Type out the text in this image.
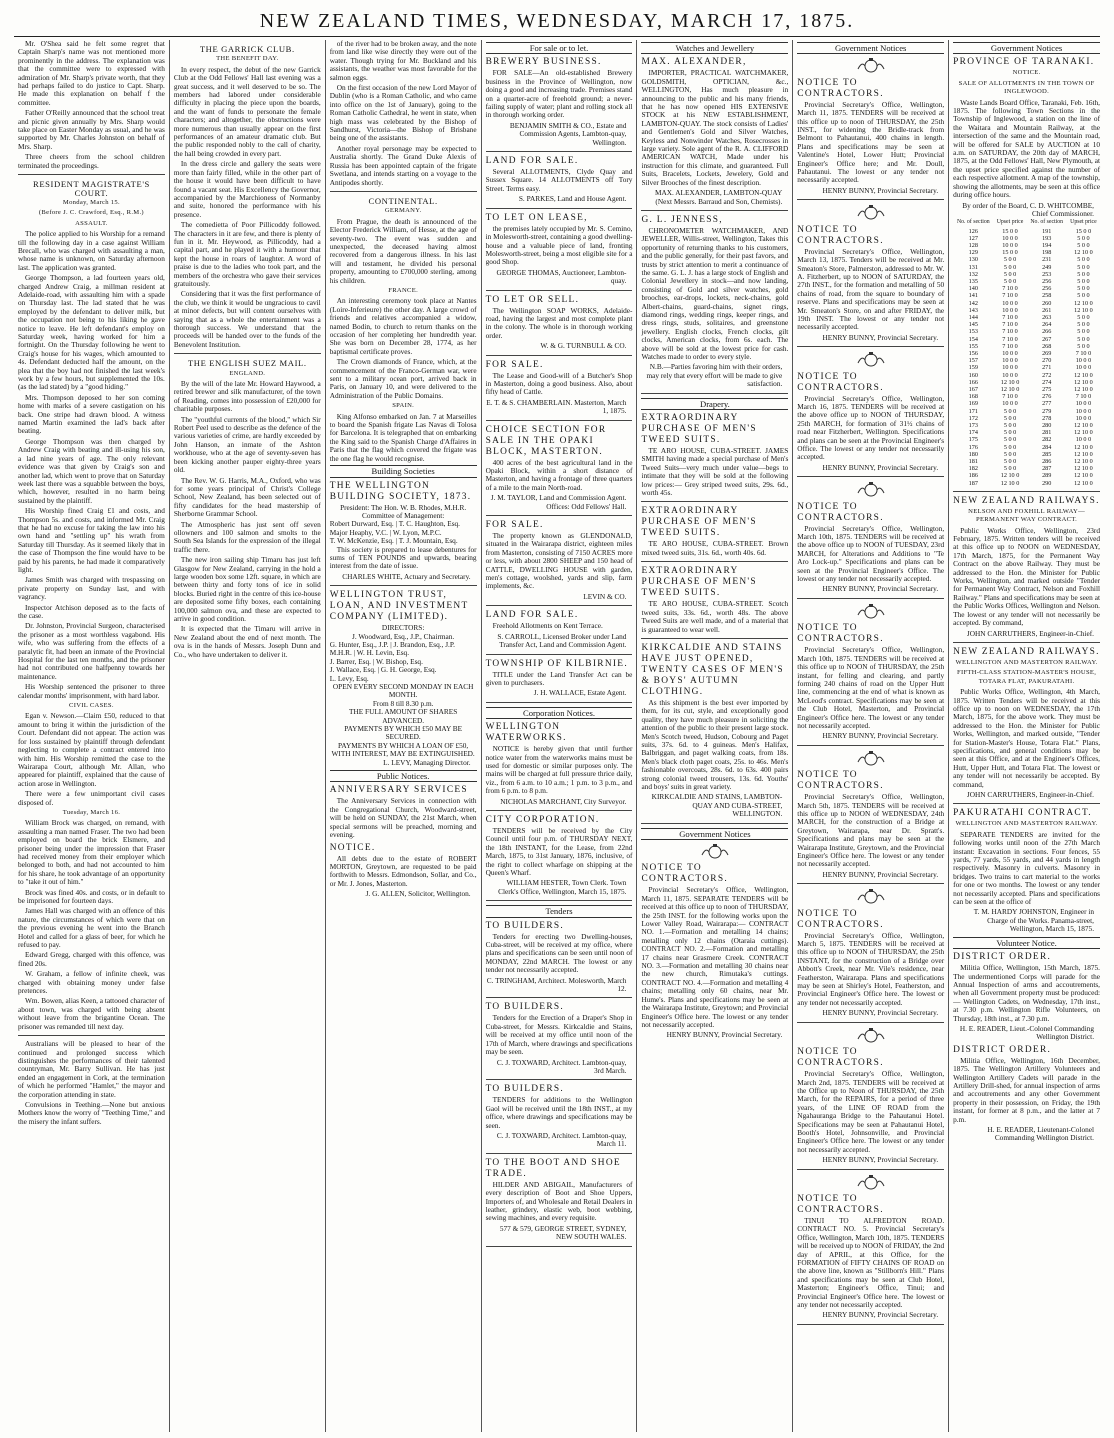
NEW ZEALAND TIMES, WEDNESDAY, MARCH 17, 1875.

Mr. O'Shea said he felt some regret that Captain Sharp's name was not mentioned more prominently in the address. The explanation was that the committee were to expressed with admiration of Mr. Sharp's private worth, that they had perhaps failed to do justice to Capt. Sharp. He made this explanation on behalf f the committee.

Father O'Reilly announced that the school treat and picnic given annually by Mrs. Sharp would take place on Easter Monday as usual, and he was supported by Mr. Charles Johnston on behalf of Mrs. Sharp.

Three cheers from the school children terminated the proceedings.

RESIDENT MAGISTRATE'S COURT.
Monday, March 15.
(Before J. C. Crawford, Esq., R.M.)
ASSAULT.

The police applied to his Worship for a remand till the following day in a case against William Brecall, who was charged with assaulting a man, whose name is unknown, on Saturday afternoon last. The application was granted.

George Thompson, a lad fourteen years old, charged Andrew Craig, a millman resident at Adelaide-road, with assaulting him with a spade on Thursday last. The lad stated that he was employed by the defendant to deliver milk, but the occupation not being to his liking he gave notice to leave. He left defendant's employ on Saturday week, having worked for him a fortnight. On the Thursday following he went to Craig's house for his wages, which amounted to 4s. Defendant deducted half the amount, on the plea that the boy had not finished the last week's work by a few hours, but supplemented the 10s. (as the lad stated) by a "good hiding."

Mrs. Thompson deposed to her son coming home with marks of a severe castigation on his back. One stripe had drawn blood. A witness named Martin examined the lad's back after beating.

George Thompson was then charged by Andrew Craig with beating and ill-using his son, a lad nine years of age. The only relevant evidence was that given by Craig's son and another lad, which went to prove that on Saturday week last there was a squabble between the boys, which, however, resulted in no harm being sustained by the plaintiff.

His Worship fined Craig £1 and costs, and Thompson 5s. and costs, and informed Mr. Craig that he had no excuse for taking the law into his own hand and "settling up" his wrath from Saturday till Thursday. As it seemed likely that in the case of Thompson the fine would have to be paid by his parents, he had made it comparatively light.

James Smith was charged with trespassing on private property on Sunday last, and with vagrancy.

Inspector Atchison deposed as to the facts of the case.

Dr. Johnston, Provincial Surgeon, characterised the prisoner as a most worthless vagabond. His wife, who was suffering from the effects of a paralytic fit, had been an inmate of the Provincial Hospital for the last ten months, and the prisoner had not contributed one halfpenny towards her maintenance.

His Worship sentenced the prisoner to three calendar months' imprisonment, with hard labor.

CIVIL CASES.

Egan v. Newson.—Claim £50, reduced to that amount to bring it within the jurisdiction of the Court. Defendant did not appear. The action was for loss sustained by plaintiff through defendant neglecting to complete a contract entered into with him. His Worship remitted the case to the Wairarapa Court, although Mr. Allan, who appeared for plaintiff, explained that the cause of action arose in Wellington.

There were a few unimportant civil cases disposed of.

Tuesday, March 16.

William Brock was charged, on remand, with assaulting a man named Fraser. The two had been employed on board the brick Elsmere, and prisoner being under the impression that Fraser had received money from their employer which belonged to both, and had not accounted to him for his share, he took advantage of an opportunity to "take it out of him."

Brock was fined 40s. and costs, or in default to be imprisoned for fourteen days.

James Hall was charged with an offence of this nature, the circumstances of which were that on the previous evening he went into the Branch Hotel and called for a glass of beer, for which he refused to pay.

Edward Gregg, charged with this offence, was fined 20s.

W. Graham, a fellow of infinite cheek, was charged with obtaining money under false pretences.

Wm. Bowen, alias Keen, a tattooed character of about town, was charged with being absent without leave from the brigantine Ocean. The prisoner was remanded till next day.

Australians will be pleased to hear of the continued and prolonged success which distinguishes the performances of their talented countryman, Mr. Barry Sullivan. He has just ended an engagement in Cork, at the termination of which he performed "Hamlet," the mayor and the corporation attending in state.

Convulsions in Teething.—None but anxious Mothers know the worry of "Teething Time," and the misery the infant suffers.

THE GARRICK CLUB.
THE BENEFIT DAY.

In every respect, the debut of the new Garrick Club at the Odd Fellows' Hall last evening was a great success, and it well deserved to be so. The members had labored under considerable difficulty in placing the piece upon the boards, and the want of funds to personate the female characters; and altogether, the obstructions were more numerous than usually appear on the first performances of an amateur dramatic club. But the public responded nobly to the call of charity, the hall being crowded in every part.

In the dress circle and gallery the seats were more than fairly filled, while in the other part of the house it would have been difficult to have found a vacant seat. His Excellency the Governor, accompanied by the Marchioness of Normanby and suite, honored the performance with his presence.

The comedietta of Poor Pillicoddy followed. The characters in it are few, and there is plenty of fun in it. Mr. Heywood, as Pillicoddy, had a capital part, and he played it with a humour that kept the house in roars of laughter. A word of praise is due to the ladies who took part, and the members of the orchestra who gave their services gratuitously.

Considering that it was the first performance of the club, we think it would be ungracious to cavil at minor defects, but will content ourselves with saying that as a whole the entertainment was a thorough success. We understand that the proceeds will be handed over to the funds of the Benevolent Institution.

THE ENGLISH SUEZ MAIL.
ENGLAND.

By the will of the late Mr. Howard Haywood, a retired brewer and silk manufacturer, of the town of Reading, comes into possession of £20,000 for charitable purposes.

The "youthful currents of the blood," which Sir Robert Peel used to describe as the defence of the various varieties of crime, are hardly exceeded by John Hanson, an inmate of the Ashton workhouse, who at the age of seventy-seven has been kicking another pauper eighty-three years old.

The Rev. W. G. Harris, M.A., Oxford, who was for some years principal of Christ's College School, New Zealand, has been selected out of fifty candidates for the head mastership of Sherborne Grammar School.

The Atmospheric has just sent off seven ollowners and 100 salmon and smolts to the South Sea Islands for the expression of the illegal traffic there.

The new iron sailing ship Timaru has just left Glasgow for New Zealand, carrying in the hold a large wooden box some 12ft. square, in which are between thirty and forty tons of ice in solid blocks. Buried right in the centre of this ice-house are deposited some fifty boxes, each containing 100,000 salmon ova, and these are expected to arrive in good condition.

It is expected that the Timaru will arrive in New Zealand about the end of next month. The ova is in the hands of Messrs. Joseph Dunn and Co., who have undertaken to deliver it.

of the river had to be broken away, and the note from land like wise directly they were out of the water. Though trying for Mr. Buckland and his assistants, the weather was most favorable for the salmon eggs.

On the first occasion of the new Lord Mayor of Dublin (who is a Roman Catholic, and who came into office on the 1st of January), going to the Roman Catholic Cathedral, he went in state, when high mass was celebrated by the Bishop of Sandhurst, Victoria—the Bishop of Brisbane being one of the assistants.

Another royal personage may be expected to Australia shortly. The Grand Duke Alexis of Russia has been appointed captain of the frigate Swetlana, and intends starting on a voyage to the Antipodes shortly.

CONTINENTAL.
GERMANY.

From Prague, the death is announced of the Elector Frederick William, of Hesse, at the age of seventy-two. The event was sudden and unexpected, the deceased having almost recovered from a dangerous illness. In his last will and testament, he divided his personal property, amounting to £700,000 sterling, among his children.

FRANCE.

An interesting ceremony took place at Nantes (Loire-Inferieure) the other day. A large crowd of friends and relatives accompanied a widow, named Bodin, to church to return thanks on the occasion of her completing her hundredth year. She was born on December 28, 1774, as her baptismal certificate proves.

The Crown diamonds of France, which, at the commencement of the Franco-German war, were sent to a military ocean port, arrived back in Paris, on January 10, and were delivered to the Administration of the Public Domains.

SPAIN.

King Alfonso embarked on Jan. 7 at Marseilles to board the Spanish frigate Las Navas di Tolosa for Barcelona. It is telegraphed that on embarking the King said to the Spanish Charge d'Affaires in Paris that the flag which covered the frigate was the one flag he would recognise.

Building Societies
THE WELLINGTON BUILDING SOCIETY, 1873.
President: The Hon. W. B. Rhodes, M.H.R.
Committee of Management:
Robert Durward, Esq. | T. C. Haughton, Esq.
Major Heaphy, V.C. | W. Lyon, M.P.C.
T. W. McKenzie, Esq. | T. J. Mountain, Esq.

This society is prepared to lease debentures for sums of TEN POUNDS and upwards, bearing interest from the date of issue.

CHARLES WHITE, Actuary and Secretary.
WELLINGTON TRUST, LOAN, AND INVESTMENT COMPANY (LIMITED).
DIRECTORS:
J. Woodward, Esq., J.P., Chairman.
G. Hunter, Esq., J.P. | J. Brandon, Esq., J.P.
M.H.R. | W. H. Levin, Esq.
J. Barrer, Esq. | W. Bishop, Esq.
J. Wallace, Esq. | G. H. George, Esq.
L. Levy, Esq.
OPEN EVERY SECOND MONDAY IN EACH MONTH.
From 8 till 8.30 p.m.
THE FULL AMOUNT OF SHARES ADVANCED.
PAYMENTS BY WHICH £50 MAY BE SECURED.
PAYMENTS BY WHICH A LOAN OF £50, WITH INTEREST, MAY BE EXTINGUISHED.
L. LEVY, Managing Director.
Public Notices.
ANNIVERSARY SERVICES

The Anniversary Services in connection with the Congregational Church, Woodward-street, will be held on SUNDAY, the 21st March, when special sermons will be preached, morning and evening.

NOTICE.

All debts due to the estate of ROBERT MORTON, Greytown, are requested to be paid forthwith to Messrs. Edmondson, Sollar, and Co., or Mr. J. Jones, Masterton.

J. G. ALLEN, Solicitor, Wellington.
For sale or to let.
BREWERY BUSINESS.

FOR SALE—An old-established Brewery business in the Province of Wellington, now doing a good and increasing trade. Premises stand on a quarter-acre of freehold ground; a never-failing supply of water; plant and rolling stock all in thorough working order.

BENJAMIN SMITH & CO., Estate and Commission Agents, Lambton-quay, Wellington.
LAND FOR SALE.

Several ALLOTMENTS, Clyde Quay and Sussex Square. 14 ALLOTMENTS off Tory Street. Terms easy.

S. PARKES, Land and House Agent.
TO LET ON LEASE,

the premises lately occupied by Mr. S. Cemino, in Molesworth-street, containing a good dwelling-house and a valuable piece of land, fronting Molesworth-street, being a most eligible site for a good Shop.

GEORGE THOMAS, Auctioneer, Lambton-quay.
TO LET OR SELL.

The Wellington SOAP WORKS, Adelaide-road, having the largest and most complete plant in the colony. The whole is in thorough working order.

W. & G. TURNBULL & CO.
FOR SALE.

The Lease and Good-will of a Butcher's Shop in Masterton, doing a good business. Also, about fifty head of Cattle.

E. T. & S. CHAMBERLAIN. Masterton, March 1, 1875.
CHOICE SECTION FOR SALE IN THE OPAKI BLOCK, MASTERTON.

400 acres of the best agricultural land in the Opaki Block, within a short distance of Masterton, and having a frontage of three quarters of a mile to the main North-road.

J. M. TAYLOR, Land and Commission Agent. Offices: Odd Fellows' Hall.
FOR SALE.

The property known as GLENDONALD, situated in the Wairarapa district, eighteen miles from Masterton, consisting of 7150 ACRES more or less, with about 2800 SHEEP and 150 head of CATTLE, DWELLING HOUSE with garden, men's cottage, woolshed, yards and slip, farm implements, &c.

LEVIN & CO.
LAND FOR SALE.

Freehold Allotments on Kent Terrace.

S. CARROLL, Licensed Broker under Land Transfer Act, Land and Commission Agent.
TOWNSHIP OF KILBIRNIE.

TITLE under the Land Transfer Act can be given to purchasers.

J. H. WALLACE, Estate Agent.
Corporation Notices.
WELLINGTON WATERWORKS.

NOTICE is hereby given that until further notice water from the waterworks mains must be used for domestic or similar purposes only. The mains will be charged at full pressure thrice daily, viz., from 6 a.m. to 10 a.m.; 1 p.m. to 3 p.m., and from 6 p.m. to 8 p.m.

NICHOLAS MARCHANT, City Surveyor.
CITY CORPORATION.

TENDERS will be received by the City Council until four p.m. of THURSDAY NEXT, the 18th INSTANT, for the Lease, from 22nd March, 1875, to 31st January, 1876, inclusive, of the right to collect wharfage on shipping at the Queen's Wharf.

WILLIAM HESTER, Town Clerk. Town Clerk's Office, Wellington, March 15, 1875.
Tenders
TO BUILDERS.

Tenders for erecting two Dwelling-houses, Cuba-street, will be received at my office, where plans and specifications can be seen until noon of MONDAY, 22nd MARCH. The lowest or any tender not necessarily accepted.

C. TRINGHAM, Architect. Molesworth, March 12.
TO BUILDERS.

Tenders for the Erection of a Draper's Shop in Cuba-street, for Messrs. Kirkcaldie and Stains, will be received at my office until noon of the 17th of March, where drawings and specifications may be seen.

C. J. TOXWARD, Architect. Lambton-quay, 3rd March.
TO BUILDERS.

TENDERS for additions to the Wellington Gaol will be received until the 18th INST., at my office, where drawings and specifications may be seen.

C. J. TOXWARD, Architect. Lambton-quay, March 11.
TO THE BOOT AND SHOE TRADE.

HILDER AND ABIGAIL, Manufacturers of every description of Boot and Shoe Uppers, Importers of, and Wholesale and Retail Dealers in leather, grindery, elastic web, boot webbing, sewing machines, and every requisite.

577 & 579, GEORGE STREET, SYDNEY, NEW SOUTH WALES.
Watches and Jewellery
MAX. ALEXANDER,

IMPORTER, PRACTICAL WATCHMAKER, GOLDSMITH, OPTICIAN, &c., WELLINGTON, Has much pleasure in announcing to the public and his many friends, that he has now opened HIS EXTENSIVE STOCK at his NEW ESTABLISHMENT, LAMBTON-QUAY. The stock consists of Ladies' and Gentlemen's Gold and Silver Watches, Keyless and Nonwinder Watches, Rosecrosses in large variety. Sole agent of the R. A. CLIFFORD AMERICAN WATCH, Made under his instruction for this climate, and guaranteed. Full Suits, Bracelets, Lockets, Jewelery, Gold and Silver Brooches of the finest description.

MAX. ALEXANDER, LAMBTON-QUAY (Next Messrs. Barraud and Son, Chemists).
G. L. JENNESS,

CHRONOMETER WATCHMAKER, AND JEWELLER, Willis-street, Wellington, Takes this opportunity of returning thanks to his customers, and the public generally, for their past favors, and trusts by strict attention to merit a continuance of the same. G. L. J. has a large stock of English and Colonial Jewellery in stock—and now landing, consisting of Gold and silver watches, gold brooches, ear-drops, lockets, neck-chains, gold Albert-chains, guard-chains, signet rings, diamond rings, wedding rings, keeper rings, and dress rings, studs, solitaires, and greenstone jewellery. English clocks, French clocks, gilt clocks, American clocks, from 6s. each. The above will be sold at the lowest price for cash. Watches made to order to every style.

N.B.—Parties favoring him with their orders, may rely that every effort will be made to give satisfaction.
Drapery.
EXTRAORDINARY PURCHASE OF MEN'S TWEED SUITS.

TE ARO HOUSE, CUBA-STREET. JAMES SMITH having made a special purchase of Men's Tweed Suits—very much under value—begs to intimate that they will be sold at the following low prices:— Grey striped tweed suits, 29s. 6d., worth 45s.

EXTRAORDINARY PURCHASE OF MEN'S TWEED SUITS.

TE ARO HOUSE, CUBA-STREET. Brown mixed tweed suits, 31s. 6d., worth 40s. 6d.

EXTRAORDINARY PURCHASE OF MEN'S TWEED SUITS.

TE ARO HOUSE, CUBA-STREET. Scotch tweed suits, 33s. 6d., worth 48s. The above Tweed Suits are well made, and of a material that is guaranteed to wear well.

KIRKCALDIE AND STAINS HAVE JUST OPENED, TWENTY CASES OF MEN'S & BOYS' AUTUMN CLOTHING.

As this shipment is the best ever imported by them, for its cut, style, and exceptionally good quality, they have much pleasure in soliciting the attention of the public to their present large stock. Men's Scotch tweed, Hudson, Cobourg and Paget suits, 37s. 6d. to 4 guineas. Men's Halifax, Balbriggan, and paget walking coats, from 18s. Men's black cloth paget coats, 25s. to 46s. Men's fashionable overcoats, 28s. 6d. to 63s. 400 pairs strong colonial tweed trousers, 13s. 6d. Youths' and boys' suits in great variety.

KIRKCALDIE AND STAINS, LAMBTON-QUAY AND CUBA-STREET, WELLINGTON.
Government Notices
NOTICE TO CONTRACTORS.

Provincial Secretary's Office, Wellington, March 11, 1875. SEPARATE TENDERS will be received at this office up to noon of THURSDAY, the 25th INST. for the following works upon the Lower Valley Road, Wairarapa:— CONTRACT NO. 1.—Formation and metalling 14 chains; metalling only 12 chains (Otaraia cuttings). CONTRACT NO. 2.—Formation and metalling 17 chains near Grasmere Creek. CONTRACT NO. 3.—Formation and metalling 30 chains near the new church, Rimutaka's cuttings. CONTRACT NO. 4.—Formation and metalling 4 chains; metalling only 60 chains, near Mr. Hume's. Plans and specifications may be seen at the Wairarapa Institute, Greytown; and Provincial Engineer's Office here. The lowest or any tender not necessarily accepted.

HENRY BUNNY, Provincial Secretary.
Government Notices
NOTICE TO CONTRACTORS.

Provincial Secretary's Office, Wellington, March 11, 1875. TENDERS will be received at this office up to noon of THURSDAY, the 25th INST., for widening the Bridle-track from Belmont to Pahautanui, 400 chains in length. Plans and specifications may be seen at Valentine's Hotel, Lower Hutt; Provincial Engineer's Office here; and Mr. Doull, Pahautanui. The lowest or any tender not necessarily accepted.

HENRY BUNNY, Provincial Secretary.
NOTICE TO CONTRACTORS.

Provincial Secretary's Office, Wellington, March 13, 1875. Tenders will be received at Mr. Smeaton's Store, Palmerston, addressed to Mr. W. A. Fitzherbert, up to NOON of SATURDAY, the 27th INST., for the formation and metalling of 50 chains of road, from the square to boundary of reserve. Plans and specifications may be seen at Mr. Smeaton's Store, on and after FRIDAY, the 19th INST. The lowest or any tender not necessarily accepted.

HENRY BUNNY, Provincial Secretary.
NOTICE TO CONTRACTORS.

Provincial Secretary's Office, Wellington, March 16, 1875. TENDERS will be received at the above office up to NOON of THURSDAY, 25th MARCH, for formation of 31½ chains of road near Fitzherbert, Wellington. Specifications and plans can be seen at the Provincial Engineer's Office. The lowest or any tender not necessarily accepted.

HENRY BUNNY, Provincial Secretary.
NOTICE TO CONTRACTORS.

Provincial Secretary's Office, Wellington, March 10th, 1875. TENDERS will be received at the above office up to NOON of TUESDAY, 23rd MARCH, for Alterations and Additions to "Te Aro Lock-up." Specifications and plans can be seen at the Provincial Engineer's Office. The lowest or any tender not necessarily accepted.

HENRY BUNNY, Provincial Secretary.
NOTICE TO CONTRACTORS.

Provincial Secretary's Office, Wellington, March 10th, 1875. TENDERS will be received at this office up to NOON of THURSDAY, the 25th instant, for felling and clearing, and partly forming 240 chains of road on the Upper Hutt line, commencing at the end of what is known as McLeod's contract. Specifications may be seen at the Club Hotel, Masterton, and Provincial Engineer's Office here. The lowest or any tender not necessarily accepted.

HENRY BUNNY, Provincial Secretary.
NOTICE TO CONTRACTORS.

Provincial Secretary's Office, Wellington, March 5th, 1875. TENDERS will be received at this office up to NOON of WEDNESDAY, 24th MARCH, for the construction of a Bridge at Greytown, Wairarapa, near Dr. Spratt's. Specifications and plans may be seen at the Wairarapa Institute, Greytown, and the Provincial Engineer's Office here. The lowest or any tender not necessarily accepted.

HENRY BUNNY, Provincial Secretary.
NOTICE TO CONTRACTORS.

Provincial Secretary's Office, Wellington, March 5, 1875. TENDERS will be received at this office up to NOON of THURSDAY, the 25th INSTANT, for the construction of a Bridge over Abbott's Creek, near Mr. Vile's residence, near Featherston, Wairarapa. Plans and specifications may be seen at Shirley's Hotel, Featherston, and Provincial Engineer's Office here. The lowest or any tender not necessarily accepted.

HENRY BUNNY, Provincial Secretary.
NOTICE TO CONTRACTORS.

Provincial Secretary's Office, Wellington, March 2nd, 1875. TENDERS will be received at the Office up to Noon of THURSDAY, the 25th March, for the REPAIRS, for a period of three years, of the LINE OF ROAD from the Ngahauranga Bridge to the Pahautanui Hotel. Specifications may be seen at Pahautanui Hotel, Booth's Hotel, Johnsonville, and Provincial Engineer's Office here. The lowest or any tender not necessarily accepted.

HENRY BUNNY, Provincial Secretary.
NOTICE TO CONTRACTORS.

TINUI TO ALFREDTON ROAD. CONTRACT NO. 5. Provincial Secretary's Office, Wellington, March 10th, 1875. TENDERS will be received up to NOON of FRIDAY, the 2nd day of APRIL, at this Office, for the FORMATION of FIFTY CHAINS OF ROAD on the above line, known as "Stillborn's Hill." Plans and specifications may be seen at Club Hotel, Masterton; Engineer's Office, Tinui; and Provincial Engineer's Office here. The lowest or any tender not necessarily accepted.

HENRY BUNNY, Provincial Secretary.
Government Notices
PROVINCE OF TARANAKI.
NOTICE.
SALE OF ALLOTMENTS IN THE TOWN OF INGLEWOOD.

Waste Lands Board Office, Taranaki, Feb. 16th, 1875. The following Town Sections in the Township of Inglewood, a station on the line of the Waitara and Mountain Railway, at the intersection of the same and the Mountain road, will be offered for SALE by AUCTION at 10 a.m. on SATURDAY, the 20th day of MARCH, 1875, at the Odd Fellows' Hall, New Plymouth, at the upset price specified against the number of each respective allotment. A map of the township, showing the allotments, may be seen at this office during office hours.

By order of the Board, C. D. WHITCOMBE, Chief Commissioner.
No. of section	Upset price	No. of section	Upset price
126	15 0 0	191	15 0 0
127	10 0 0	193	5 0 0
128	10 0 0	194	5 0 0
129	15 0 0	198	12 10 0
130	5 0 0	231	5 0 0
131	5 0 0	249	5 0 0
132	5 0 0	253	5 0 0
135	5 0 0	256	5 0 0
140	7 10 0	256	5 0 0
141	7 10 0	258	5 0 0
142	10 0 0	260	12 10 0
143	10 0 0	261	12 10 0
144	7 10 0	263	5 0 0
145	7 10 0	264	5 0 0
153	7 10 0	266	5 0 0
154	7 10 0	267	5 0 0
155	7 10 0	268	5 0 0
156	10 0 0	269	7 10 0
157	10 0 0	270	10 0 0
159	10 0 0	271	10 0 0
160	10 0 0	272	12 10 0
166	12 10 0	274	12 10 0
167	12 10 0	275	12 10 0
168	7 10 0	276	7 10 0
169	10 0 0	277	10 0 0
171	5 0 0	279	10 0 0
172	5 0 0	278	10 0 0
173	5 0 0	280	12 10 0
174	5 0 0	281	12 10 0
175	5 0 0	282	10 0 0
176	5 0 0	284	12 10 0
180	5 0 0	285	12 10 0
181	5 0 0	286	12 10 0
182	5 0 0	287	12 10 0
186	12 10 0	289	12 10 0
187	12 10 0	290	12 10 0
NEW ZEALAND RAILWAYS.
NELSON AND FOXHILL RAILWAY—PERMANENT WAY CONTRACT.

Public Works Office, Wellington, 23rd February, 1875. Written tenders will be received at this office up to NOON on WEDNESDAY, 17th March, 1875, for the Permanent Way Contract on the above Railway. They must be addressed to the Hon. the Minister for Public Works, Wellington, and marked outside "Tender for Permanent Way Contract, Nelson and Foxhill Railway." Plans and specifications may be seen at the Public Works Offices, Wellington and Nelson. The lowest or any tender will not necessarily be accepted. By command,

JOHN CARRUTHERS, Engineer-in-Chief.
NEW ZEALAND RAILWAYS.
WELLINGTON AND MASTERTON RAILWAY.
FIFTH-CLASS STATION-MASTER'S HOUSE, TOTARA FLAT, PAKURATAHI.

Public Works Office, Wellington, 4th March, 1875. Written Tenders will be received at this office up to noon on WEDNESDAY, the 17th March, 1875, for the above work. They must be addressed to the Hon. the Minister for Public Works, Wellington, and marked outside, "Tender for Station-Master's House, Totara Flat." Plans, specifications, and general conditions may be seen at this Office, and at the Engineer's Offices, Hutt, Upper Hutt, and Totara Flat. The lowest or any tender will not necessarily be accepted. By command,

JOHN CARRUTHERS, Engineer-in-Chief.
PAKURATAHI CONTRACT.
WELLINGTON AND MASTERTON RAILWAY.

SEPARATE TENDERS are invited for the following works until noon of the 27th March instant: Excavation in sections. Four fences, 55 yards, 77 yards, 55 yards, and 44 yards in length respectively. Masonry in culverts. Masonry in bridges. Two trains to cart material to the works for one or two months. The lowest or any tender not necessarily accepted. Plans and specifications can be seen at the office of

T. M. HARDY JOHNSTON, Engineer in Charge of the Works. Panama-street, Wellington, March 15, 1875.
Volunteer Notice.
DISTRICT ORDER.

Militia Office, Wellington, 15th March, 1875. The undermentioned Corps will parade for the Annual Inspection of arms and accoutrements, when all Government property must be produced:— Wellington Cadets, on Wednesday, 17th inst., at 7.30 p.m. Wellington Rifle Volunteers, on Thursday, 18th inst., at 7.30 p.m.

H. E. READER, Lieut.-Colonel Commanding Wellington District.
DISTRICT ORDER.

Militia Office, Wellington, 16th December, 1875. The Wellington Artillery Volunteers and Wellington Artillery Cadets will parade in the Artillery Drill-shed, for annual inspection of arms and accoutrements and any other Government property in their possession, on Friday, the 19th instant, for former at 8 p.m., and the latter at 7 p.m.

H. E. READER, Lieutenant-Colonel Commanding Wellington District.
